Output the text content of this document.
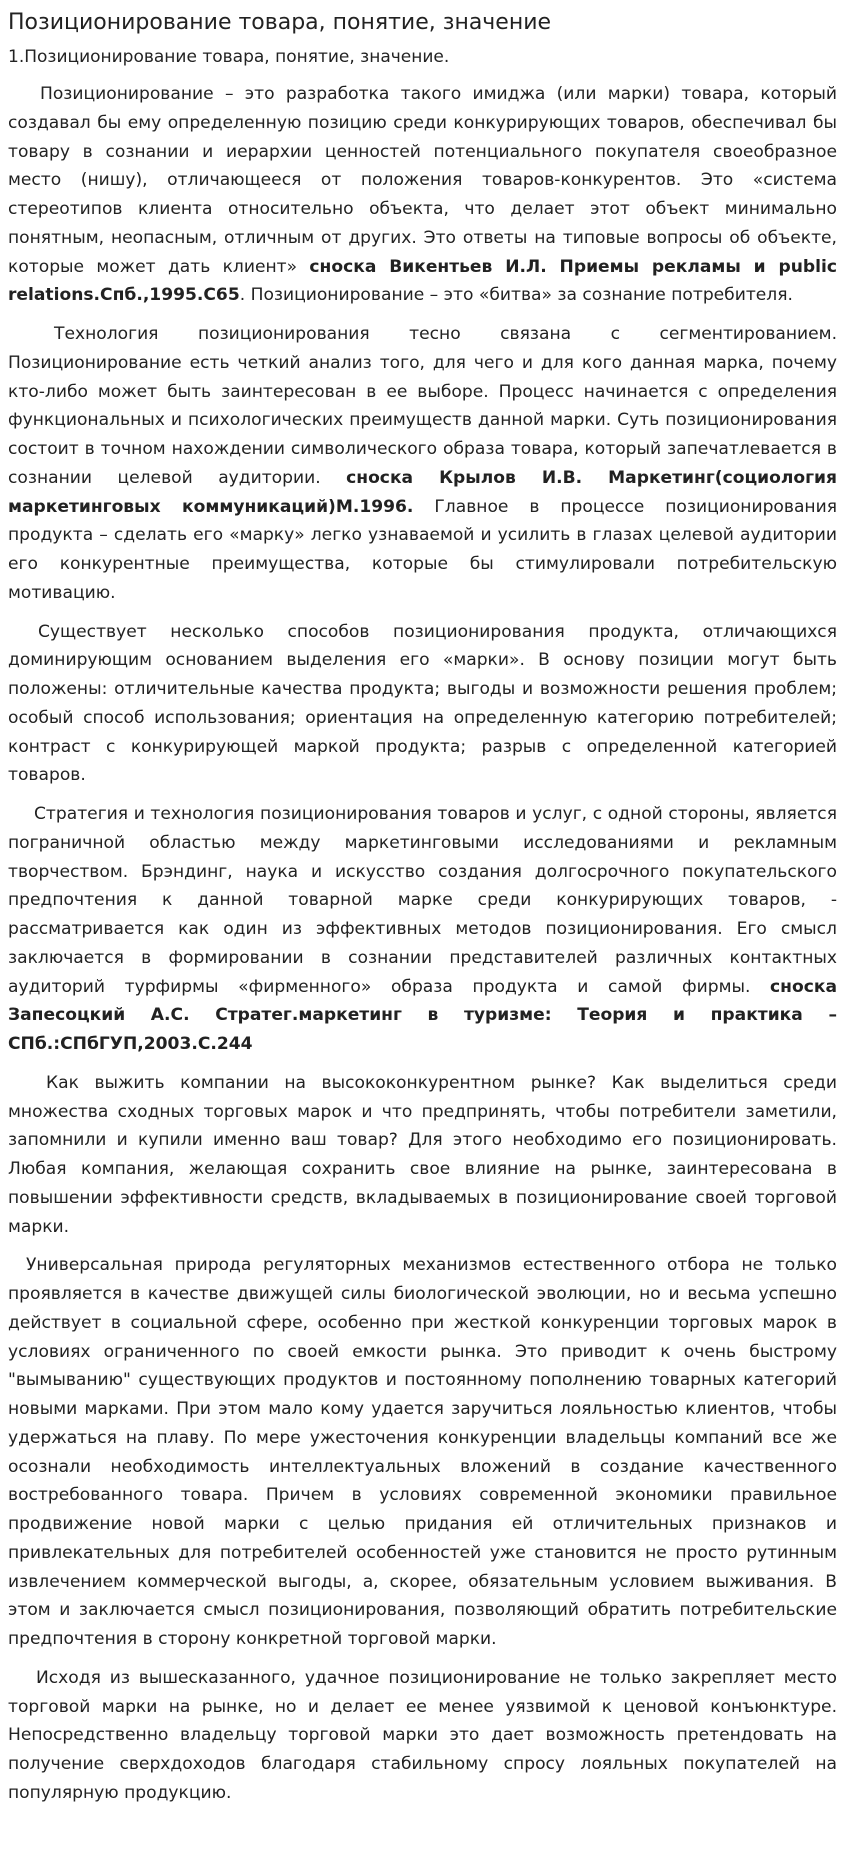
Позиционирование товара, понятие, значение
1.Позиционирование товара, понятие, значение.

Позиционирование – это разработка такого имиджа (или марки) товара, который создавал бы ему определенную позицию среди конкурирующих товаров, обеспечивал бы товару в сознании и иерархии ценностей потенциального покупателя своеобразное место (нишу), отличающееся от положения товаров-конкурентов. Это «система стереотипов клиента относительно объекта, что делает этот объект минимально понятным, неопасным, отличным от других. Это ответы на типовые вопросы об объекте, которые может дать клиент» сноска Викентьев И.Л. Приемы рекламы и public relations.Спб.,1995.С65. Позиционирование – это «битва» за сознание потребителя.

Технология позиционирования тесно связана с сегментированием. Позиционирование есть четкий анализ того, для чего и для кого данная марка, почему кто-либо может быть заинтересован в ее выборе. Процесс начинается с определения функциональных и психологических преимуществ данной марки. Суть позиционирования состоит в точном нахождении символического образа товара, который запечатлевается в сознании целевой аудитории. сноска Крылов И.В. Маркетинг(социология маркетинговых коммуникаций)М.1996. Главное в процессе позиционирования продукта – сделать его «марку» легко узнаваемой и усилить в глазах целевой аудитории его конкурентные преимущества, которые бы стимулировали потребительскую мотивацию.

Существует несколько способов позиционирования продукта, отличающихся доминирующим основанием выделения его «марки». В основу позиции могут быть положены: отличительные качества продукта; выгоды и возможности решения проблем; особый способ использования; ориентация на определенную категорию потребителей; контраст с конкурирующей маркой продукта; разрыв с определенной категорией товаров.

Стратегия и технология позиционирования товаров и услуг, с одной стороны, является пограничной областью между маркетинговыми исследованиями и рекламным творчеством. Брэндинг, наука и искусство создания долгосрочного покупательского предпочтения к данной товарной марке среди конкурирующих товаров, - рассматривается как один из эффективных методов позиционирования. Его смысл заключается в формировании в сознании представителей различных контактных аудиторий турфирмы «фирменного» образа продукта и самой фирмы. сноска Запесоцкий А.С. Стратег.маркетинг в туризме: Теория и практика – СПб.:СПбГУП,2003.С.244

Как выжить компании на высококонкурентном рынке? Как выделиться среди множества сходных торговых марок и что предпринять, чтобы потребители заметили, запомнили и купили именно ваш товар? Для этого необходимо его позиционировать. Любая компания, желающая сохранить свое влияние на рынке, заинтересована в повышении эффективности средств, вкладываемых в позиционирование своей торговой марки.

Универсальная природа регуляторных механизмов естественного отбора не только проявляется в качестве движущей силы биологической эволюции, но и весьма успешно действует в социальной сфере, особенно при жесткой конкуренции торговых марок в условиях ограниченного по своей емкости рынка. Это приводит к очень быстрому "вымыванию" существующих продуктов и постоянному пополнению товарных категорий новыми марками. При этом мало кому удается заручиться лояльностью клиентов, чтобы удержаться на плаву. По мере ужесточения конкуренции владельцы компаний все же осознали необходимость интеллектуальных вложений в создание качественного востребованного товара. Причем в условиях современной экономики правильное продвижение новой марки с целью придания ей отличительных признаков и привлекательных для потребителей особенностей уже становится не просто рутинным извлечением коммерческой выгоды, а, скорее, обязательным условием выживания. В этом и заключается смысл позиционирования, позволяющий обратить потребительские предпочтения в сторону конкретной торговой марки.

Исходя из вышесказанного, удачное позиционирование не только закрепляет место торговой марки на рынке, но и делает ее менее уязвимой к ценовой конъюнктуре. Непосредственно владельцу торговой марки это дает возможность претендовать на получение сверхдоходов благодаря стабильному спросу лояльных покупателей на популярную продукцию.
